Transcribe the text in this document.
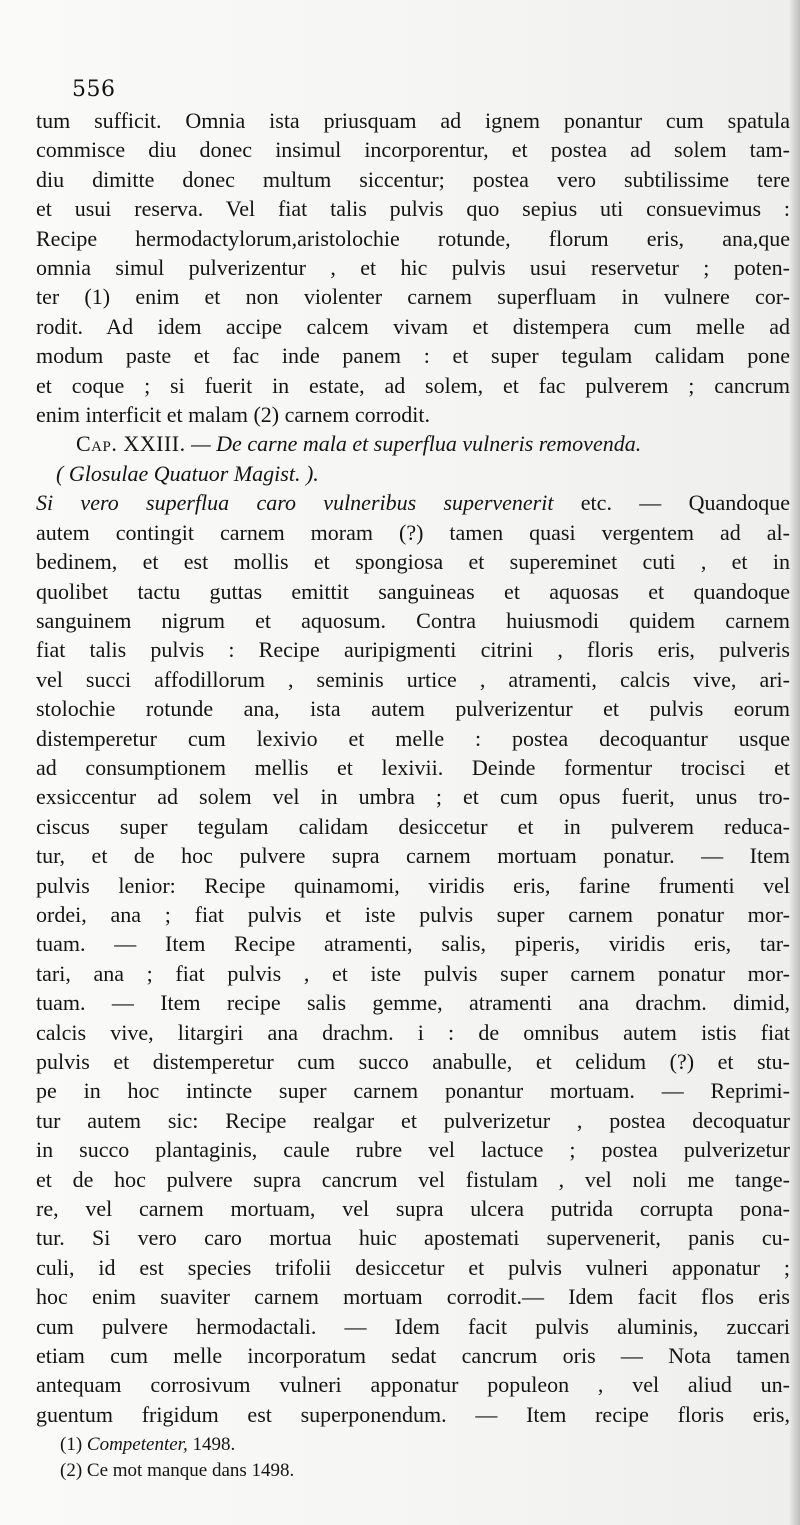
556
tum sufficit. Omnia ista priusquam ad ignem ponantur cum spatula
commisce diu donec insimul incorporentur, et postea ad solem tam-
diu dimitte donec multum siccentur; postea vero subtilissime tere
et usui reserva. Vel fiat talis pulvis quo sepius uti consuevimus :
Recipe hermodactylorum,aristolochie rotunde, florum eris, ana,que
omnia simul pulverizentur , et hic pulvis usui reservetur ; poten-
ter (1) enim et non violenter carnem superfluam in vulnere cor-
rodit. Ad idem accipe calcem vivam et distempera cum melle ad
modum paste et fac inde panem : et super tegulam calidam pone
et coque ; si fuerit in estate, ad solem, et fac pulverem ; cancrum
enim interficit et malam (2) carnem corrodit.
Cap. XXIII. — De carne mala et superflua vulneris removenda.
( Glosulae Quatuor Magist. ).
Si vero superflua caro vulneribus supervenerit etc. — Quandoque
autem contingit carnem moram (?) tamen quasi vergentem ad al-
bedinem, et est mollis et spongiosa et supereminet cuti , et in
quolibet tactu guttas emittit sanguineas et aquosas et quandoque
sanguinem nigrum et aquosum. Contra huiusmodi quidem carnem
fiat talis pulvis : Recipe auripigmenti citrini , floris eris, pulveris
vel succi affodillorum , seminis urtice , atramenti, calcis vive, ari-
stolochie rotunde ana, ista autem pulverizentur et pulvis eorum
distemperetur cum lexivio et melle : postea decoquantur usque
ad consumptionem mellis et lexivii. Deinde formentur trocisci et
exsiccentur ad solem vel in umbra ; et cum opus fuerit, unus tro-
ciscus super tegulam calidam desiccetur et in pulverem reduca-
tur, et de hoc pulvere supra carnem mortuam ponatur. — Item
pulvis lenior: Recipe quinamomi, viridis eris, farine frumenti vel
ordei, ana ; fiat pulvis et iste pulvis super carnem ponatur mor-
tuam. — Item Recipe atramenti, salis, piperis, viridis eris, tar-
tari, ana ; fiat pulvis , et iste pulvis super carnem ponatur mor-
tuam. — Item recipe salis gemme, atramenti ana drachm. dimid,
calcis vive, litargiri ana drachm. i : de omnibus autem istis fiat
pulvis et distemperetur cum succo anabulle, et celidum (?) et stu-
pe in hoc intincte super carnem ponantur mortuam. — Reprimi-
tur autem sic: Recipe realgar et pulverizetur , postea decoquatur
in succo plantaginis, caule rubre vel lactuce ; postea pulverizetur
et de hoc pulvere supra cancrum vel fistulam , vel noli me tange-
re, vel carnem mortuam, vel supra ulcera putrida corrupta pona-
tur. Si vero caro mortua huic apostemati supervenerit, panis cu-
culi, id est species trifolii desiccetur et pulvis vulneri apponatur ;
hoc enim suaviter carnem mortuam corrodit.— Idem facit flos eris
cum pulvere hermodactali. — Idem facit pulvis aluminis, zuccari
etiam cum melle incorporatum sedat cancrum oris — Nota tamen
antequam corrosivum vulneri apponatur populeon , vel aliud un-
guentum frigidum est superponendum. — Item recipe floris eris,
(1) Competenter, 1498.
(2) Ce mot manque dans 1498.
